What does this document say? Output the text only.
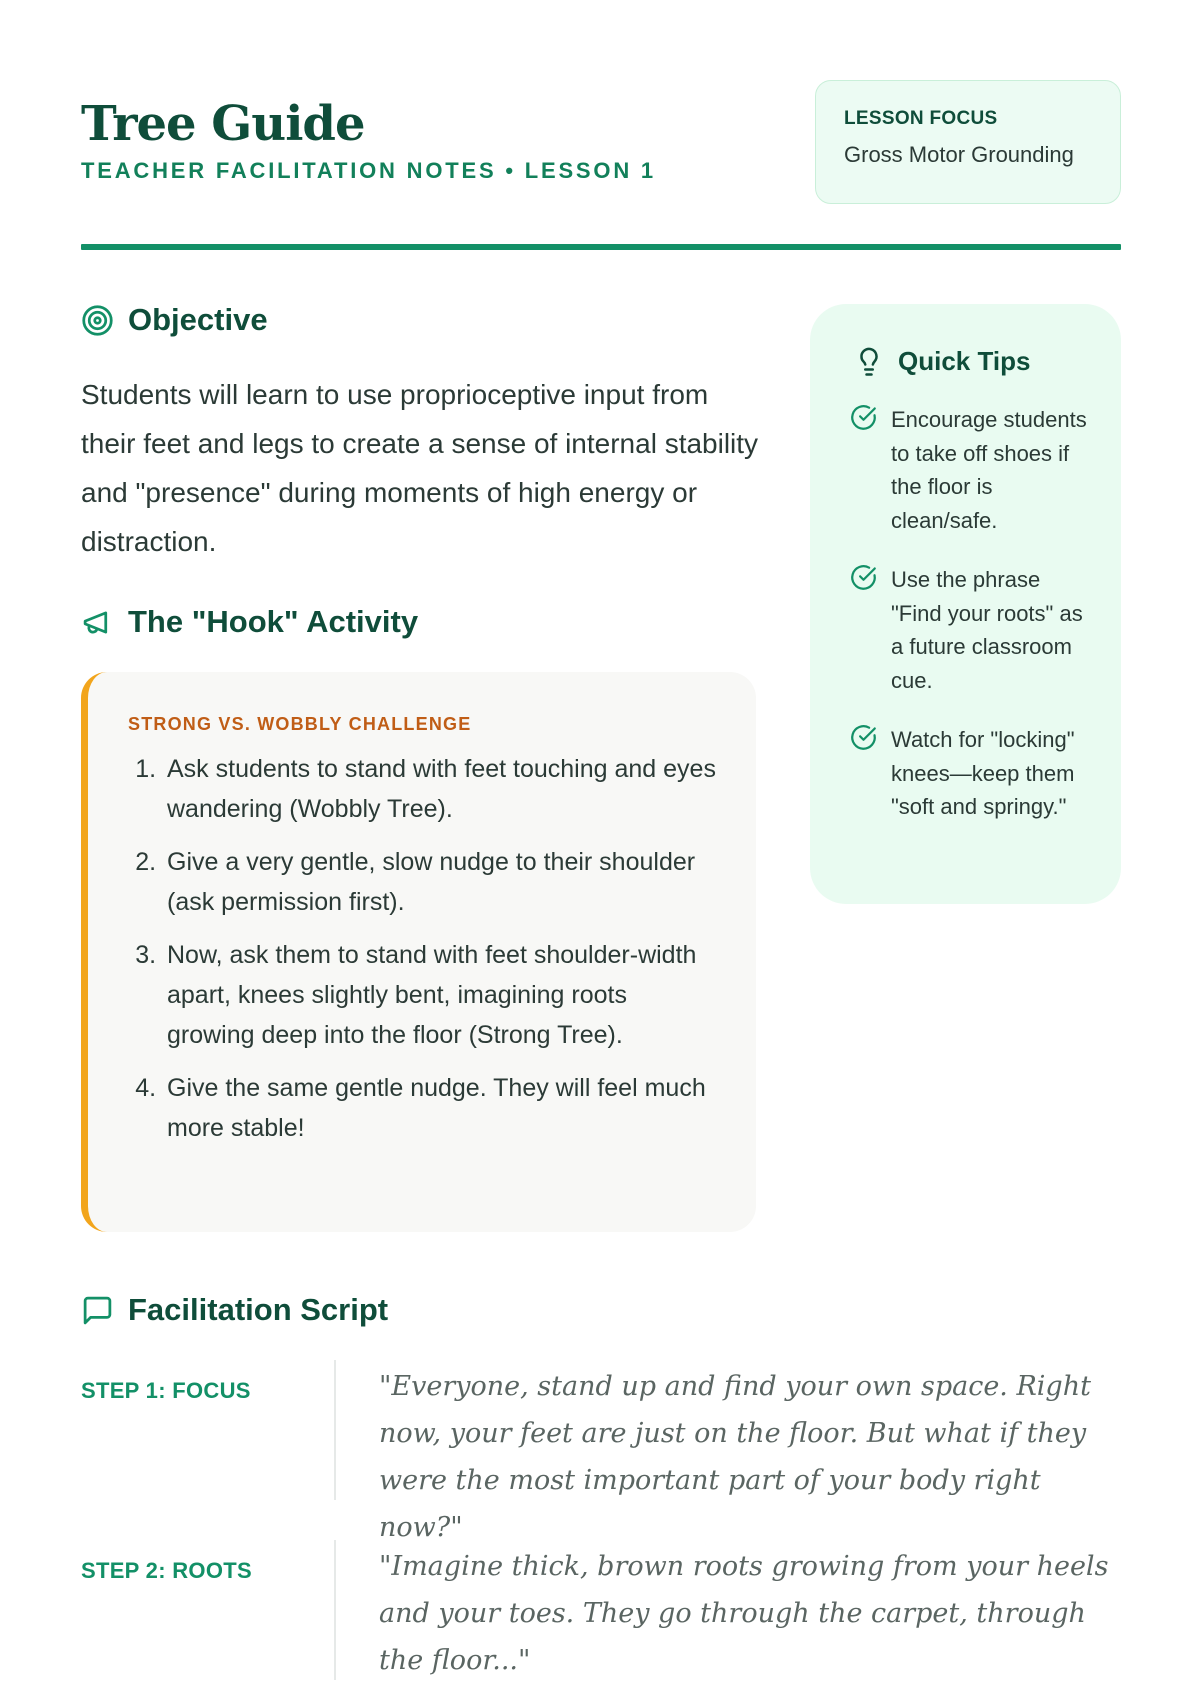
Tree Guide
TEACHER FACILITATION NOTES • LESSON 1
LESSON FOCUS
Gross Motor Grounding
Objective

Students will learn to use proprioceptive input from their feet and legs to create a sense of internal stability and "presence" during moments of high energy or distraction.

The "Hook" Activity
STRONG VS. WOBBLY CHALLENGE
1. Ask students to stand with feet touching and eyes wandering (Wobbly Tree).
2. Give a very gentle, slow nudge to their shoulder (ask permission first).
3. Now, ask them to stand with feet shoulder-width apart, knees slightly bent, imagining roots growing deep into the floor (Strong Tree).
4. Give the same gentle nudge. They will feel much more stable!
Quick Tips
Encourage students to take off shoes if the floor is clean/safe.
Use the phrase "Find your roots" as a future classroom cue.
Watch for "locking" knees—keep them "soft and springy."
Facilitation Script
STEP 1: FOCUS	"Everyone, stand up and find your own space. Right now, your feet are just on the floor. But what if they were the most important part of your body right now?"
STEP 2: ROOTS	"Imagine thick, brown roots growing from your heels and your toes. They go through the carpet, through the floor..."
